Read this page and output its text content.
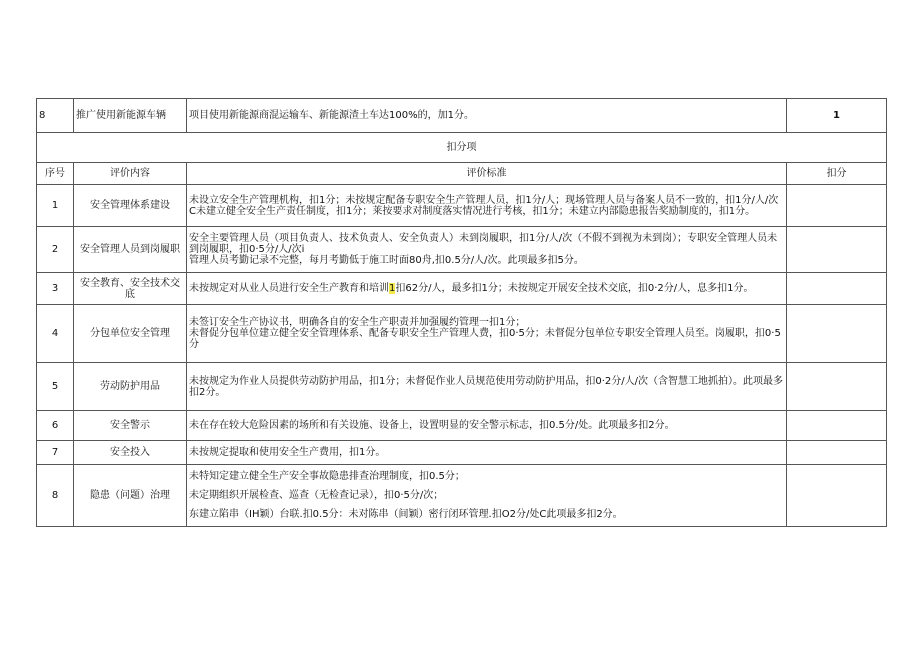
8	推广使用新能源车辆	项目使用新能源商混运输车、新能源渣土车达100%的，加1分。	1
扣分项			
序号	评价内容	评价标准	扣分
1	安全管理体系建设	未设立安全生产管理机构，扣1分；未按规定配备专职安全生产管理人员，扣1分/人；现场管理人员与备案人员不一致的，扣1分/人/次C未建立健全安全生产责任制度，扣1分；莱按要求对制度落实情况进行考核，扣1分；未建立内部隐患报告奖励制度的，扣1分。	

2	安全管理人员到岗履职	安全主要管理人员（项目负责人、技术负责人、安全负责人）未到岗履职，扣1分/人/次（不假不到视为未到岗）；专职安全管理人员未到岗履职，扣0·5分/人/次i
管理人员考勤记录不完整，每月考勤低于施工时面80舟,扣0.5分/人/次。此项最多扣5分。	

3	安全教育、安全技术交底	未按规定对从业人员进行安全生产教育和培训1扣62分/人，最多扣1分；未按规定开展安全技术交底，扣0·2分/人，息多扣1分。	
4	分包单位安全管理	未签订安全生产协议书，明确各自的安全生产职责并加强履约管理一扣1分；
未督促分包单位建立健全安全管理体系、配备专职安全生产管理人费，扣0·5分；未督促分包单位专职安全管理人员至。岗履职，扣0·5分	

5	劳动防护用品	未按规定为作业人员提供劳动防护用品，扣1分；未督促作业人员规范使用劳动防护用品，扣0·2分/人/次（含智慧工地抓拍）。此项最多扣2分。	

6	安全警示	未在存在较大危险因素的场所和有关设施、设备上，设置明显的安全警示标志，扣0.5分/处。此项最多扣2分。	

7	安全投入	未按规定提取和使用安全生产费用，扣1分。	

8	隐患（问题）治理	未特知定建立健全生产安全事故隐患排查治理制度，扣0.5分；
未定期组织开展检查、巡查（无检查记录），扣0·5分/次；
东建立陷串（IH颖）台联.扣0.5分：未对陈串（间颖）密行闭环管理.扣O2分/处C此项最多扣2分。	
